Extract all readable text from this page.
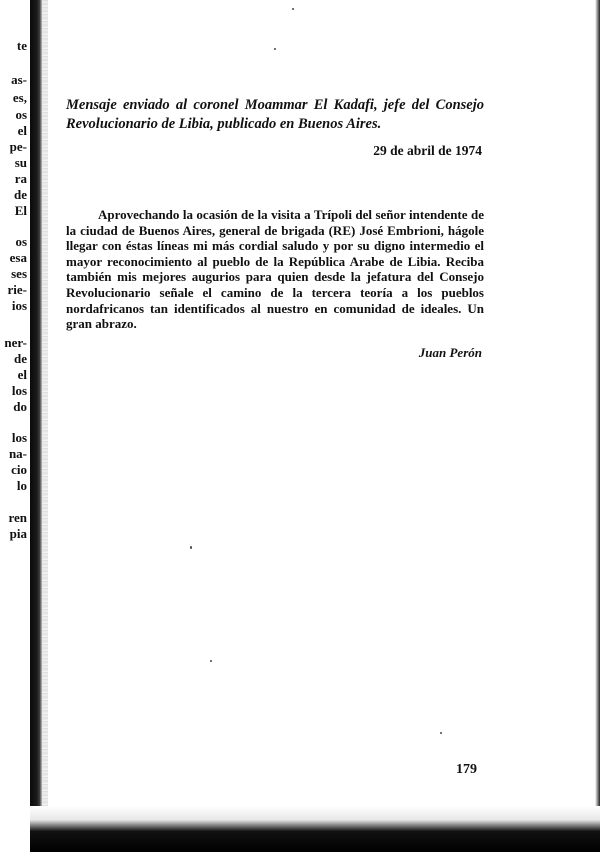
te
as-
es,
os
el
pe-
su
ra
de
El
os
esa
ses
rie-
ios
ner-
de
el
los
do
los
na-
cio
lo
ren
pia
Mensaje enviado al coronel Moammar El Kadafi, jefe del Consejo Revolucionario de Libia, publicado en Buenos Aires.
29 de abril de 1974
Aprovechando la ocasión de la visita a Trípoli del señor intendente de la ciudad de Buenos Aires, general de brigada (RE) José Embrioni, hágole llegar con éstas líneas mi más cordial saludo y por su digno intermedio el mayor reconocimiento al pueblo de la República Arabe de Libia. Reciba también mis mejores augurios para quien desde la jefatura del Consejo Revolucionario señale el camino de la tercera teoría a los pueblos nordafricanos tan identificados al nuestro en comunidad de ideales. Un gran abrazo.
Juan Perón
179
